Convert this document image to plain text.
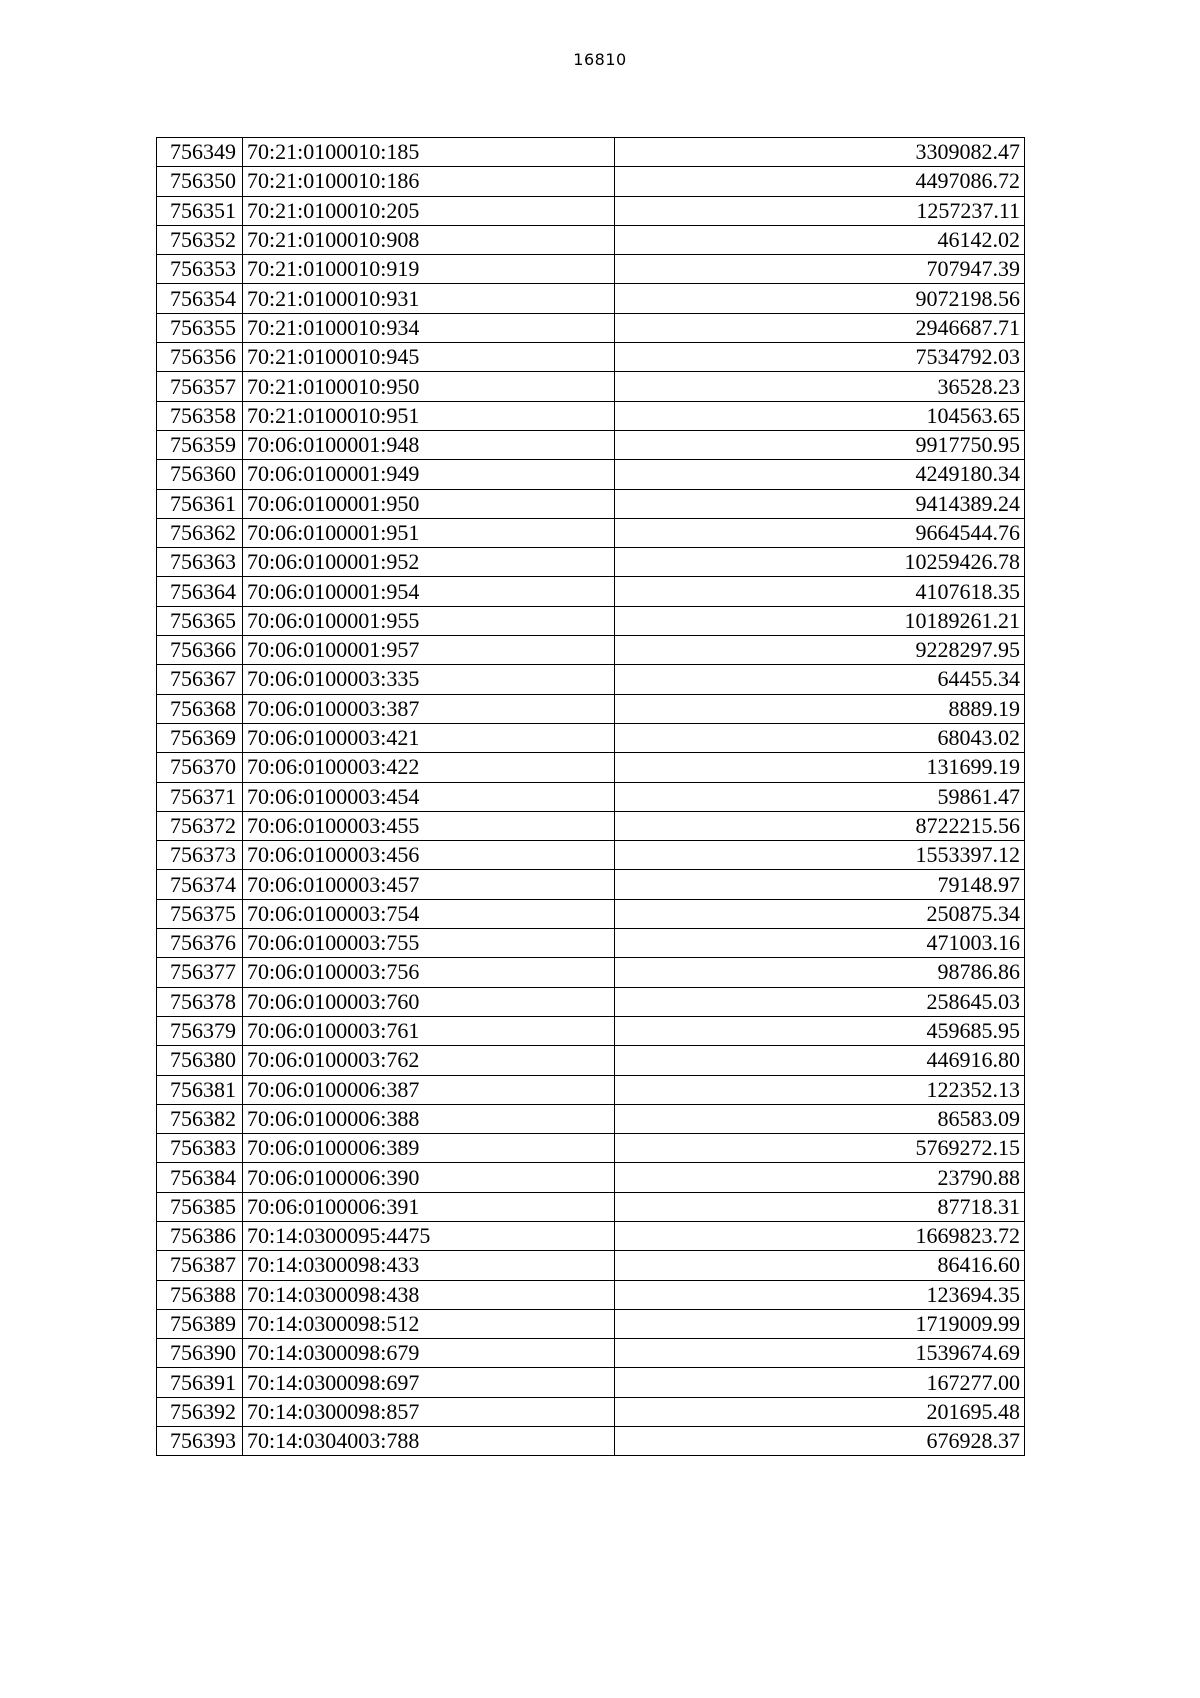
16810
756349	70:21:0100010:185	3309082.47
756350	70:21:0100010:186	4497086.72
756351	70:21:0100010:205	1257237.11
756352	70:21:0100010:908	46142.02
756353	70:21:0100010:919	707947.39
756354	70:21:0100010:931	9072198.56
756355	70:21:0100010:934	2946687.71
756356	70:21:0100010:945	7534792.03
756357	70:21:0100010:950	36528.23
756358	70:21:0100010:951	104563.65
756359	70:06:0100001:948	9917750.95
756360	70:06:0100001:949	4249180.34
756361	70:06:0100001:950	9414389.24
756362	70:06:0100001:951	9664544.76
756363	70:06:0100001:952	10259426.78
756364	70:06:0100001:954	4107618.35
756365	70:06:0100001:955	10189261.21
756366	70:06:0100001:957	9228297.95
756367	70:06:0100003:335	64455.34
756368	70:06:0100003:387	8889.19
756369	70:06:0100003:421	68043.02
756370	70:06:0100003:422	131699.19
756371	70:06:0100003:454	59861.47
756372	70:06:0100003:455	8722215.56
756373	70:06:0100003:456	1553397.12
756374	70:06:0100003:457	79148.97
756375	70:06:0100003:754	250875.34
756376	70:06:0100003:755	471003.16
756377	70:06:0100003:756	98786.86
756378	70:06:0100003:760	258645.03
756379	70:06:0100003:761	459685.95
756380	70:06:0100003:762	446916.80
756381	70:06:0100006:387	122352.13
756382	70:06:0100006:388	86583.09
756383	70:06:0100006:389	5769272.15
756384	70:06:0100006:390	23790.88
756385	70:06:0100006:391	87718.31
756386	70:14:0300095:4475	1669823.72
756387	70:14:0300098:433	86416.60
756388	70:14:0300098:438	123694.35
756389	70:14:0300098:512	1719009.99
756390	70:14:0300098:679	1539674.69
756391	70:14:0300098:697	167277.00
756392	70:14:0300098:857	201695.48
756393	70:14:0304003:788	676928.37
